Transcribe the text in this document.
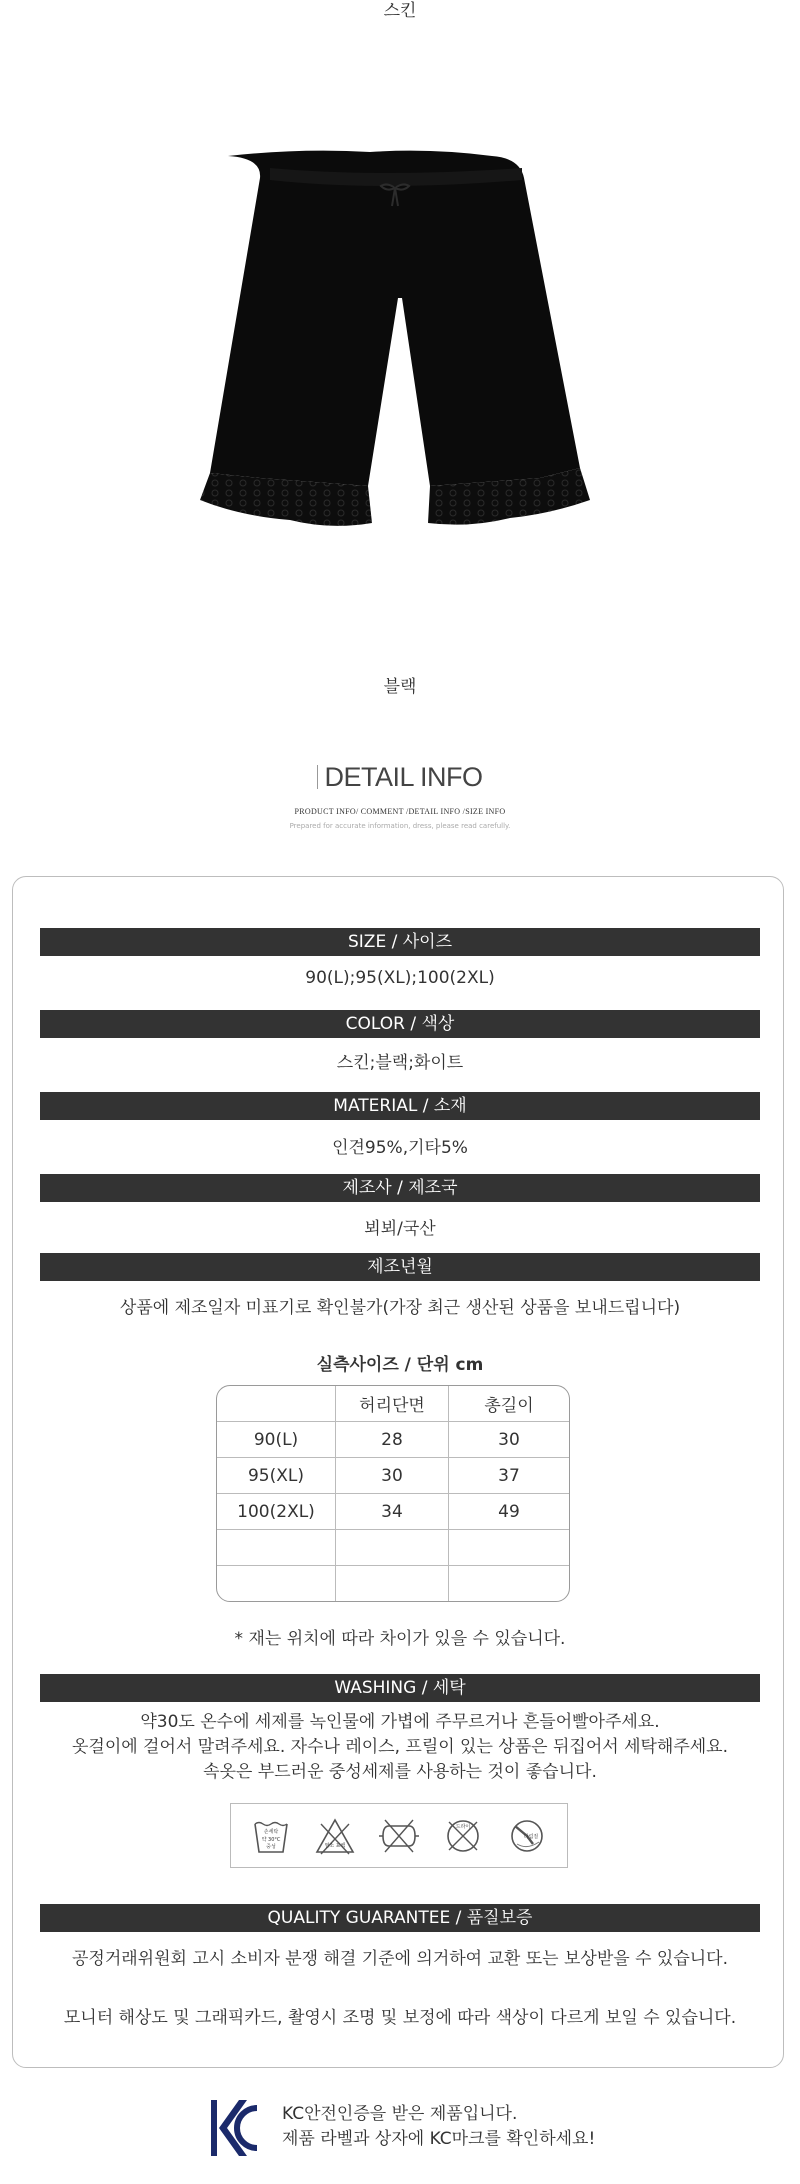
스킨
블랙
DETAIL INFO
PRODUCT INFO/ COMMENT /DETAIL INFO /SIZE INFO
Prepared for accurate information, dress, please read carefully.
SIZE / 사이즈
90(L);95(XL);100(2XL)
COLOR / 색상
스킨;블랙;화이트
MATERIAL / 소재
인견95%,기타5%
제조사 / 제조국
뵈뵈/국산
제조년월
상품에 제조일자 미표기로 확인불가(가장 최근 생산된 상품을 보내드립니다)
실측사이즈 / 단위 cm
	허리단면	총길이
90(L)	28	30
95(XL)	30	37
100(2XL)	34	49

* 재는 위치에 따라 차이가 있을 수 있습니다.
WASHING / 세탁
약30도 온수에 세제를 녹인물에 가볍에 주무르거나 흔들어빨아주세요.
옷걸이에 걸어서 말려주세요. 자수나 레이스, 프릴이 있는 상품은 뒤집어서 세탁해주세요.
속옷은 부드러운 중성세제를 사용하는 것이 좋습니다.
손세탁
약 30°C
중성	염소 표백
드라이
다림질
QUALITY GUARANTEE / 품질보증
공정거래위원회 고시 소비자 분쟁 해결 기준에 의거하여 교환 또는 보상받을 수 있습니다.
모니터 해상도 및 그래픽카드, 촬영시 조명 및 보정에 따라 색상이 다르게 보일 수 있습니다.
KC안전인증을 받은 제품입니다.
제품 라벨과 상자에 KC마크를 확인하세요!
